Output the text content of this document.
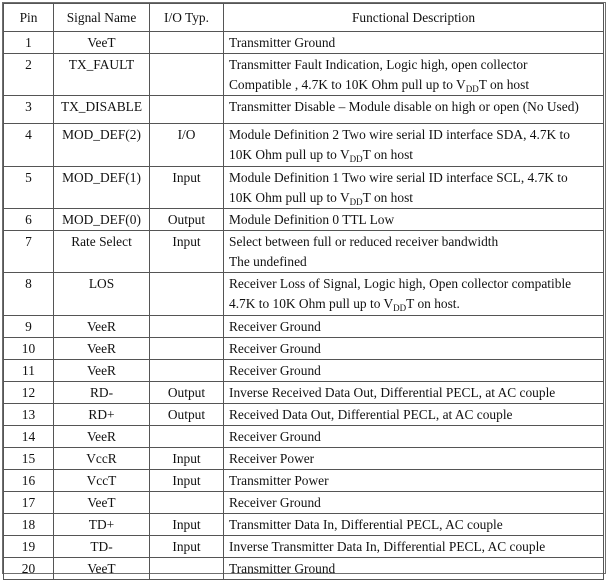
Pin	Signal Name	I/O Typ.	Functional Description
1	VeeT		Transmitter Ground

2	TX_FAULT		Transmitter Fault Indication, Logic high, open collector
Compatible , 4.7K to 10K Ohm pull up to $V_{DD}T$ on host

3	TX_DISABLE		Transmitter Disable – Module disable on high or open (No Used)

4	MOD_DEF(2)	I/O	Module Definition 2 Two wire serial ID interface SDA, 4.7K to
10K Ohm pull up to $V_{DD}T$ on host

5	MOD_DEF(1)	Input	Module Definition 1 Two wire serial ID interface SCL, 4.7K to
10K Ohm pull up to $V_{DD}T$ on host

6	MOD_DEF(0)	Output	Module Definition 0 TTL Low

7	Rate Select	Input	Select between full or reduced receiver bandwidth
The undefined

8	LOS		Receiver Loss of Signal, Logic high, Open collector compatible
4.7K to 10K Ohm pull up to $V_{DD}T$ on host.

9	VeeR		Receiver Ground

10	VeeR		Receiver Ground

11	VeeR		Receiver Ground

12	RD-	Output	Inverse Received Data Out, Differential PECL, at AC couple

13	RD+	Output	Received Data Out, Differential PECL, at AC couple

14	VeeR		Receiver Ground

15	VccR	Input	Receiver Power

16	VccT	Input	Transmitter Power

17	VeeT		Receiver Ground

18	TD+	Input	Transmitter Data In, Differential PECL, AC couple

19	TD-	Input	Inverse Transmitter Data In, Differential PECL, AC couple

20	VeeT		Transmitter Ground
